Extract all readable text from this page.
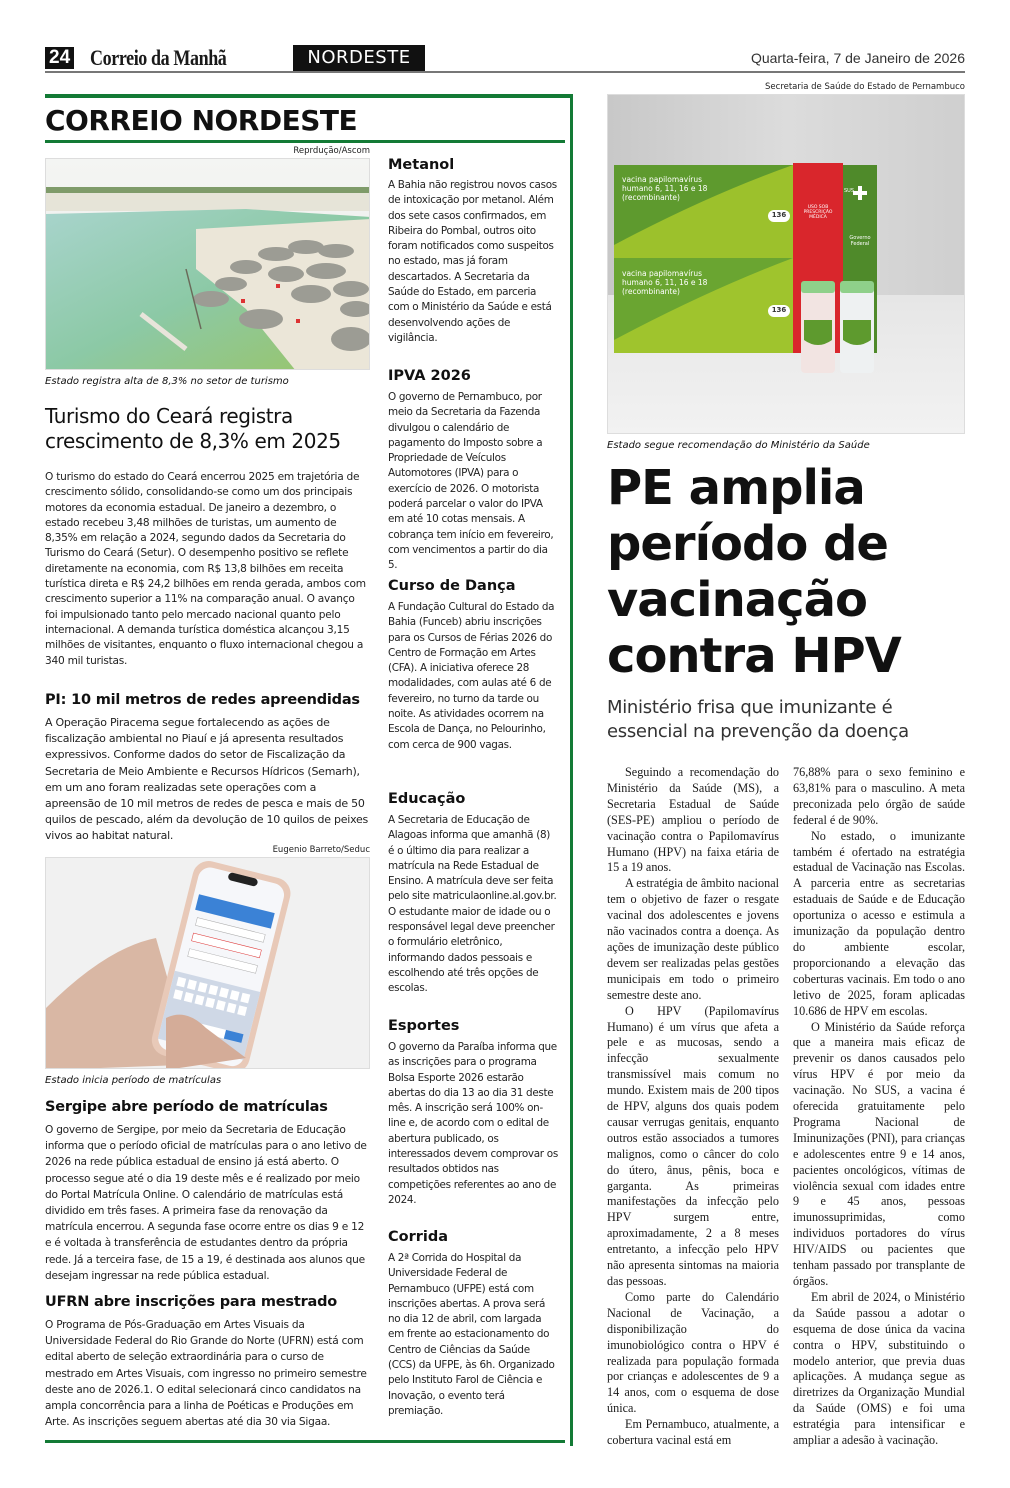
24 Correio da Manhã	NORDESTE	Quarta-feira, 7 de Janeiro de 2026
CORREIO NORDESTE
Reprdução/Ascom
Estado registra alta de 8,3% no setor de turismo
Turismo do Ceará registra crescimento de 8,3% em 2025
O turismo do estado do Ceará encerrou 2025 em trajetória de crescimento sólido, consolidando-se como um dos principais motores da economia estadual. De janeiro a dezembro, o estado recebeu 3,48 milhões de turistas, um aumento de 8,35% em relação a 2024, segundo dados da Secretaria do Turismo do Ceará (Setur). O desempenho positivo se reflete diretamente na economia, com R$ 13,8 bilhões em receita turística direta e R$ 24,2 bilhões em renda gerada, ambos com crescimento superior a 11% na comparação anual. O avanço foi impulsionado tanto pelo mercado nacional quanto pelo internacional. A demanda turística doméstica alcançou 3,15 milhões de visitantes, enquanto o fluxo internacional chegou a 340 mil turistas.
PI: 10 mil metros de redes apreendidas
A Operação Piracema segue fortalecendo as ações de fiscalização ambiental no Piauí e já apresenta resultados expressivos. Conforme dados do setor de Fiscalização da Secretaria de Meio Ambiente e Recursos Hídricos (Semarh), em um ano foram realizadas sete operações com a apreensão de 10 mil metros de redes de pesca e mais de 50 quilos de pescado, além da devolução de 10 quilos de peixes vivos ao habitat natural.
Eugenio Barreto/Seduc
Estado inicia período de matrículas
Sergipe abre período de matrículas
O governo de Sergipe, por meio da Secretaria de Educação informa que o período oficial de matrículas para o ano letivo de 2026 na rede pública estadual de ensino já está aberto. O processo segue até o dia 19 deste mês e é realizado por meio do Portal Matrícula Online. O calendário de matrículas está dividido em três fases. A primeira fase da renovação da matrícula encerrou. A segunda fase ocorre entre os dias 9 e 12 e é voltada à transferência de estudantes dentro da própria rede. Já a terceira fase, de 15 a 19, é destinada aos alunos que desejam ingressar na rede pública estadual.
UFRN abre inscrições para mestrado
O Programa de Pós-Graduação em Artes Visuais da Universidade Federal do Rio Grande do Norte (UFRN) está com edital aberto de seleção extraordinária para o curso de mestrado em Artes Visuais, com ingresso no primeiro semestre deste ano de 2026.1. O edital selecionará cinco candidatos na ampla concorrência para a linha de Poéticas e Produções em Arte. As inscrições seguem abertas até dia 30 via Sigaa.
Metanol
A Bahia não registrou novos casos de intoxicação por metanol. Além dos sete casos confirmados, em Ribeira do Pombal, outros oito foram notificados como suspeitos no estado, mas já foram descartados. A Secretaria da Saúde do Estado, em parceria com o Ministério da Saúde e está desenvolvendo ações de vigilância.
IPVA 2026
O governo de Pernambuco, por meio da Secretaria da Fazenda divulgou o calendário de pagamento do Imposto sobre a Propriedade de Veículos Automotores (IPVA) para o exercício de 2026. O motorista poderá parcelar o valor do IPVA em até 10 cotas mensais. A cobrança tem início em fevereiro, com vencimentos a partir do dia 5.
Curso de Dança
A Fundação Cultural do Estado da Bahia (Funceb) abriu inscrições para os Cursos de Férias 2026 do Centro de Formação em Artes (CFA). A iniciativa oferece 28 modalidades, com aulas até 6 de fevereiro, no turno da tarde ou noite. As atividades ocorrem na Escola de Dança, no Pelourinho, com cerca de 900 vagas.
Educação
A Secretaria de Educação de Alagoas informa que amanhã (8) é o último dia para realizar a matrícula na Rede Estadual de Ensino. A matrícula deve ser feita pelo site matriculaonline.al.gov.br. O estudante maior de idade ou o responsável legal deve preencher o formulário eletrônico, informando dados pessoais e escolhendo até três opções de escolas.
Esportes
O governo da Paraíba informa que as inscrições para o programa Bolsa Esporte 2026 estarão abertas do dia 13 ao dia 31 deste mês. A inscrição será 100% on-line e, de acordo com o edital de abertura publicado, os interessados devem comprovar os resultados obtidos nas competições referentes ao ano de 2024.
Corrida
A 2ª Corrida do Hospital da Universidade Federal de Pernambuco (UFPE) está com inscrições abertas. A prova será no dia 12 de abril, com largada em frente ao estacionamento do Centro de Ciências da Saúde (CCS) da UFPE, às 6h. Organizado pelo Instituto Farol de Ciência e Inovação, o evento terá premiação.
Secretaria de Saúde do Estado de Pernambuco
vacina papilomavírus
humano 6, 11, 16 e 18
(recombinante)
vacina papilomavírus
humano 6, 11, 16 e 18
(recombinante)
136
136
USO SOB PRESCRIÇÃO MÉDICA
SUS
Governo Federal
Estado segue recomendação do Ministério da Saúde
PE amplia período de vacinação contra HPV
Ministério frisa que imunizante é essencial na prevenção da doença

Seguindo a recomendação do Ministério da Saúde (MS), a Secretaria Estadual de Saúde (SES-PE) ampliou o período de vacinação contra o Papilomavírus Humano (HPV) na faixa etária de 15 a 19 anos.

A estratégia de âmbito nacional tem o objetivo de fazer o resgate vacinal dos adolescentes e jovens não vacinados contra a doença. As ações de imunização deste público devem ser realizadas pelas gestões municipais em todo o primeiro semestre deste ano.

O HPV (Papilomavírus Humano) é um vírus que afeta a pele e as mucosas, sendo a infecção sexualmente transmissível mais comum no mundo. Existem mais de 200 tipos de HPV, alguns dos quais podem causar verrugas genitais, enquanto outros estão associados a tumores malignos, como o câncer do colo do útero, ânus, pênis, boca e garganta. As primeiras manifestações da infecção pelo HPV surgem entre, aproximadamente, 2 a 8 meses entretanto, a infecção pelo HPV não apresenta sintomas na maioria das pessoas.

Como parte do Calendário Nacional de Vacinação, a disponibilização do imunobiológico contra o HPV é realizada para população formada por crianças e adolescentes de 9 a 14 anos, com o esquema de dose única.

Em Pernambuco, atualmente, a cobertura vacinal está em

76,88% para o sexo feminino e 63,81% para o masculino. A meta preconizada pelo órgão de saúde federal é de 90%.

No estado, o imunizante também é ofertado na estratégia estadual de Vacinação nas Escolas. A parceria entre as secretarias estaduais de Saúde e de Educação oportuniza o acesso e estimula a imunização da população dentro do ambiente escolar, proporcionando a elevação das coberturas vacinais. Em todo o ano letivo de 2025, foram aplicadas 10.686 de HPV em escolas.

O Ministério da Saúde reforça que a maneira mais eficaz de prevenir os danos causados pelo vírus HPV é por meio da vacinação. No SUS, a vacina é oferecida gratuitamente pelo Programa Nacional de Iminunizações (PNI), para crianças e adolescentes entre 9 e 14 anos, pacientes oncológicos, vítimas de violência sexual com idades entre 9 e 45 anos, pessoas imunossuprimidas, como individuos portadores do vírus HIV/AIDS ou pacientes que tenham passado por transplante de órgãos.

Em abril de 2024, o Ministério da Saúde passou a adotar o esquema de dose única da vacina contra o HPV, substituindo o modelo anterior, que previa duas aplicações. A mudança segue as diretrizes da Organização Mundial da Saúde (OMS) e foi uma estratégia para intensificar e ampliar a adesão à vacinação.
